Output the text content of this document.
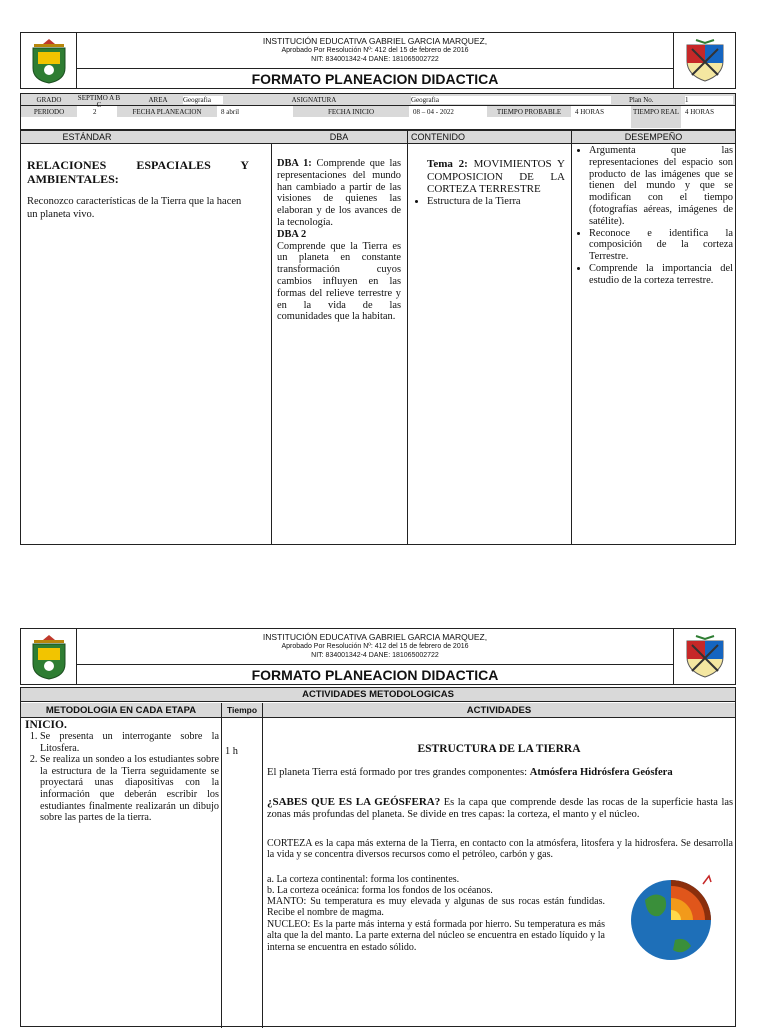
INSTITUCIÓN EDUCATIVA GABRIEL GARCIA MARQUEZ,
Aprobado Por Resolución Nº: 412 del 15 de febrero de 2016
NIT: 834001342-4 DANE: 181065002722
FORMATO PLANEACION DIDACTICA
GRADO	SEPTIMO A B C
AREA	Geografia	ASIGNATURA	Geografia	Plan No.	1
PERIODO	2	FECHA PLANEACION	8 abril	FECHA INICIO	08 – 04 - 2022	TIEMPO PROBABLE	4 HORAS	TIEMPO REAL 4 HORAS
ESTÁNDAR	DBA	CONTENIDO	DESEMPEÑO
RELACIONES ESPACIALES Y AMBIENTALES:
Reconozco características de la Tierra que la hacen un planeta vivo.
DBA 1: Comprende que las representaciones del mundo han cambiado a partir de las visiones de quienes las elaboran y de los avances de la tecnología.
DBA 2
Comprende que la Tierra es un planeta en constante transformación cuyos cambios influyen en las formas del relieve terrestre y en la vida de las comunidades que la habitan.
Tema 2: MOVIMIENTOS Y COMPOSICION DE LA CORTEZA TERRESTRE
• Estructura de la Tierra
• Argumenta que las representaciones del espacio son producto de las imágenes que se tienen del mundo y que se modifican con el tiempo (fotografías aéreas, imágenes de satélite).
• Reconoce e identifica la composición de la corteza Terrestre.
• Comprende la importancia del estudio de la corteza terrestre.
INSTITUCIÓN EDUCATIVA GABRIEL GARCIA MARQUEZ,
Aprobado Por Resolución Nº: 412 del 15 de febrero de 2016
NIT: 834001342-4 DANE: 181065002722
FORMATO PLANEACION DIDACTICA
ACTIVIDADES METODOLOGICAS
METODOLOGIA EN CADA ETAPA	Tiempo	ACTIVIDADES
INICIO.
1. Se presenta un interrogante sobre la Litosfera.
2. Se realiza un sondeo a los estudiantes sobre la estructura de la Tierra seguidamente se proyectará unas diapositivas con la información que deberán escribir los estudiantes finalmente realizarán un dibujo sobre las partes de la tierra.
1 h	ESTRUCTURA DE LA TIERRA
El planeta Tierra está formado por tres grandes componentes: Atmósfera Hidrósfera Geósfera
¿SABES QUE ES LA GEÓSFERA? Es la capa que comprende desde las rocas de la superficie hasta las zonas más profundas del planeta. Se divide en tres capas: la corteza, el manto y el núcleo.
CORTEZA es la capa más externa de la Tierra, en contacto con la atmósfera, litosfera y la hidrosfera. Se desarrolla la vida y se concentra diversos recursos como el petróleo, carbón y gas.
a. La corteza continental: forma los continentes.
b. La corteza oceánica: forma los fondos de los océanos.
MANTO: Su temperatura es muy elevada y algunas de sus rocas están fundidas. Recibe el nombre de magma.
NUCLEO: Es la parte más interna y está formada por hierro. Su temperatura es más alta que la del manto. La parte externa del núcleo se encuentra en estado líquido y la interna se encuentra en estado sólido.
